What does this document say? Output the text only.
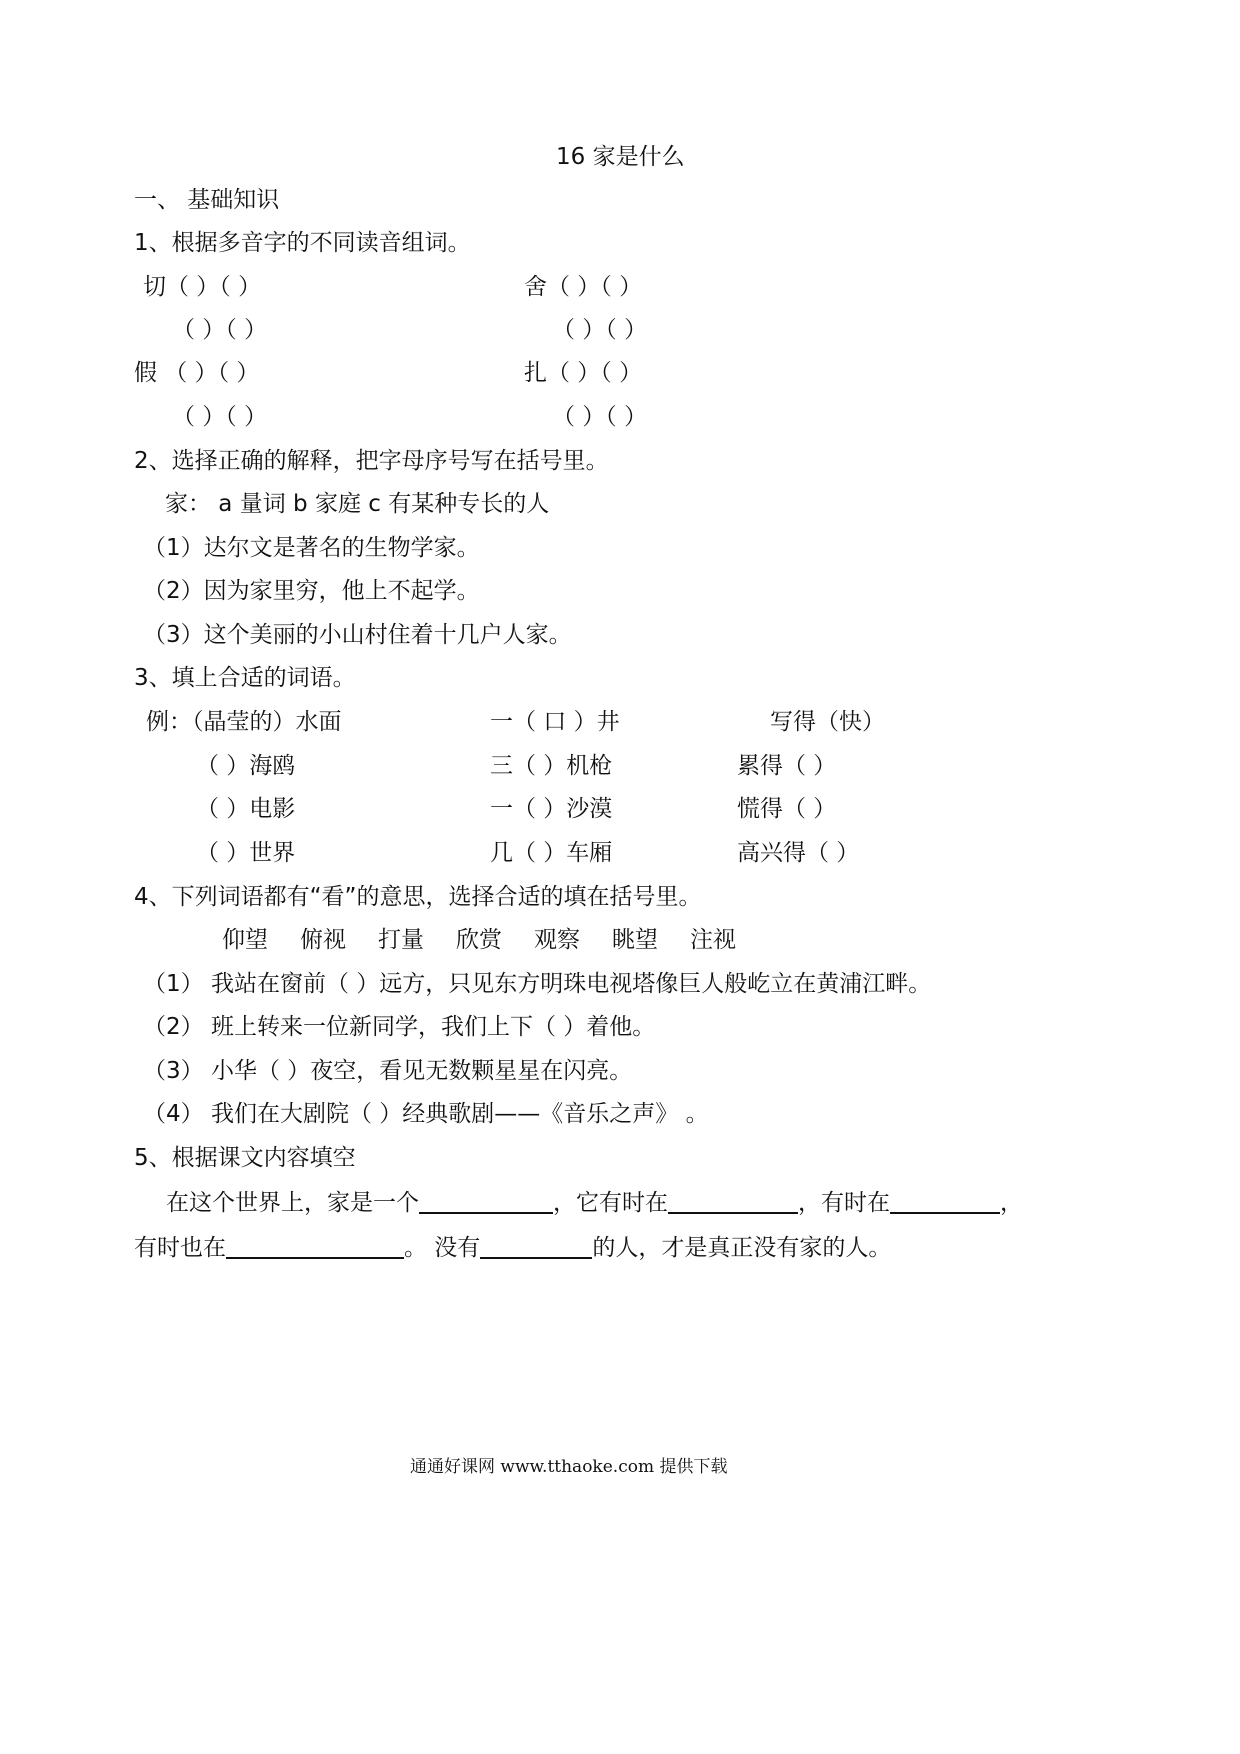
16 家是什么
一、 基础知识
1、根据多音字的不同读音组词。
切（ ）（ ）	舍（ ）（ ）
（ ）（ ）	（ ）（ ）
假 （ ）（ ）	扎（ ）（ ）
（ ）（ ）	（ ）（ ）
2、选择正确的解释，把字母序号写在括号里。
家： a 量词 b 家庭 c 有某种专长的人
（1）达尔文是著名的生物学家。
（2）因为家里穷，他上不起学。
（3）这个美丽的小山村住着十几户人家。
3、填上合适的词语。
例：（晶莹的）水面	一（ 口 ）井	写得（快）
（ ）海鸥	三（ ）机枪	累得（ ）
（ ）电影	一（ ）沙漠	慌得（ ）
（ ）世界	几（ ）车厢	高兴得（ ）
4、下列词语都有“看”的意思，选择合适的填在括号里。
仰望 俯视 打量 欣赏 观察 眺望 注视
（1） 我站在窗前（ ）远方，只见东方明珠电视塔像巨人般屹立在黄浦江畔。
（2） 班上转来一位新同学，我们上下（ ）着他。
（3） 小华（ ）夜空，看见无数颗星星在闪亮。
（4） 我们在大剧院（ ）经典歌剧——《音乐之声》 。
5、根据课文内容填空
在这个世界上，家是一个	，它有时在	，有时在	，
有时也在	。 没有	的人，才是真正没有家的人。
通通好课网 www.tthaoke.com 提供下载
